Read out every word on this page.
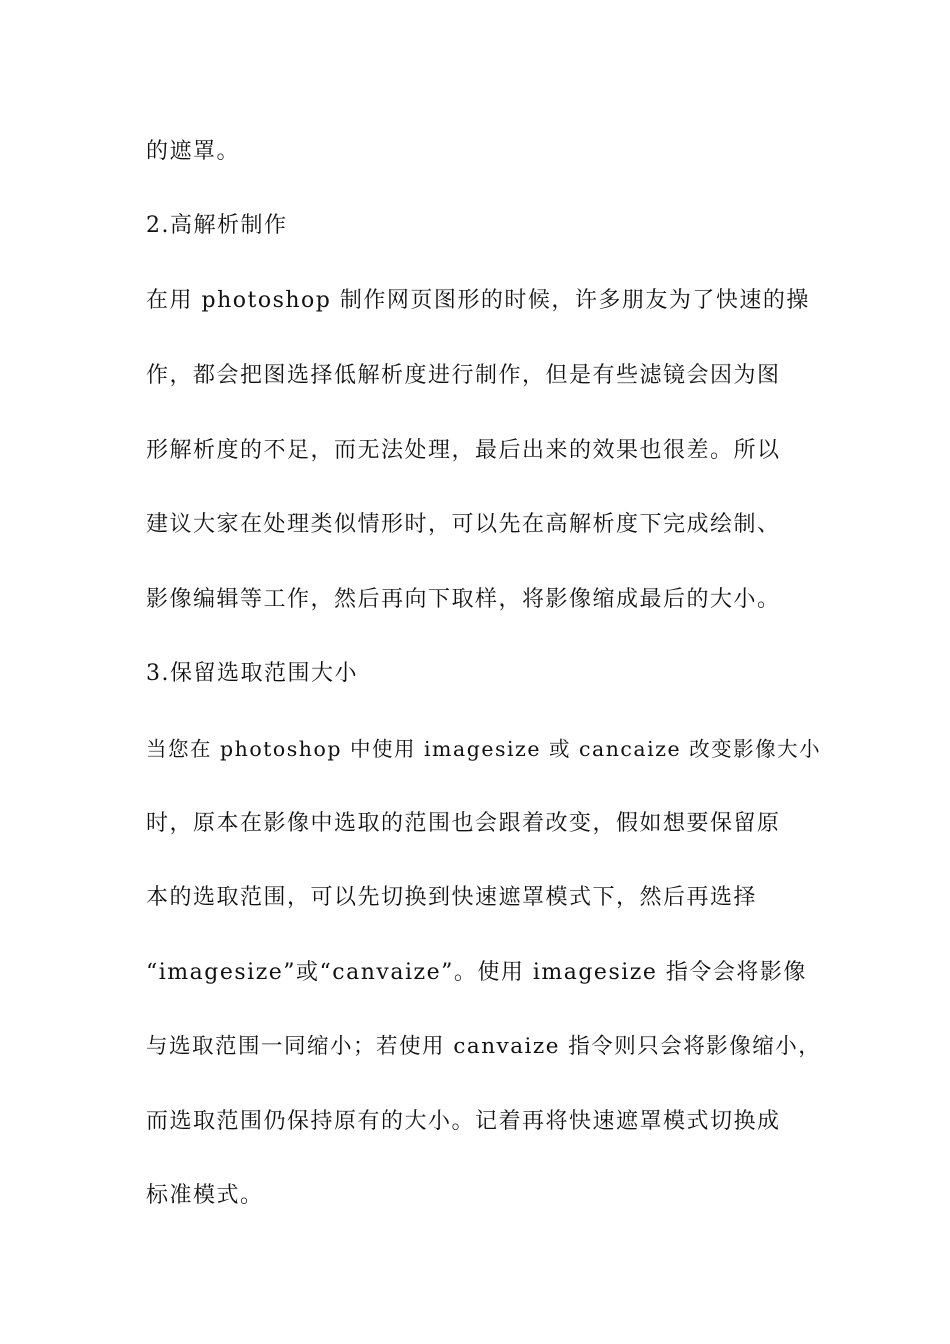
的遮罩。
2.高解析制作
在用 photoshop 制作网页图形的时候，许多朋友为了快速的操
作，都会把图选择低解析度进行制作，但是有些滤镜会因为图
形解析度的不足，而无法处理，最后出来的效果也很差。所以
建议大家在处理类似情形时，可以先在高解析度下完成绘制、
影像编辑等工作，然后再向下取样，将影像缩成最后的大小。
3.保留选取范围大小
当您在 photoshop 中使用 imagesize 或 cancaize 改变影像大小
时，原本在影像中选取的范围也会跟着改变，假如想要保留原
本的选取范围，可以先切换到快速遮罩模式下，然后再选择
“imagesize”或“canvaize”。使用 imagesize 指令会将影像
与选取范围一同缩小；若使用 canvaize 指令则只会将影像缩小，
而选取范围仍保持原有的大小。记着再将快速遮罩模式切换成
标准模式。
